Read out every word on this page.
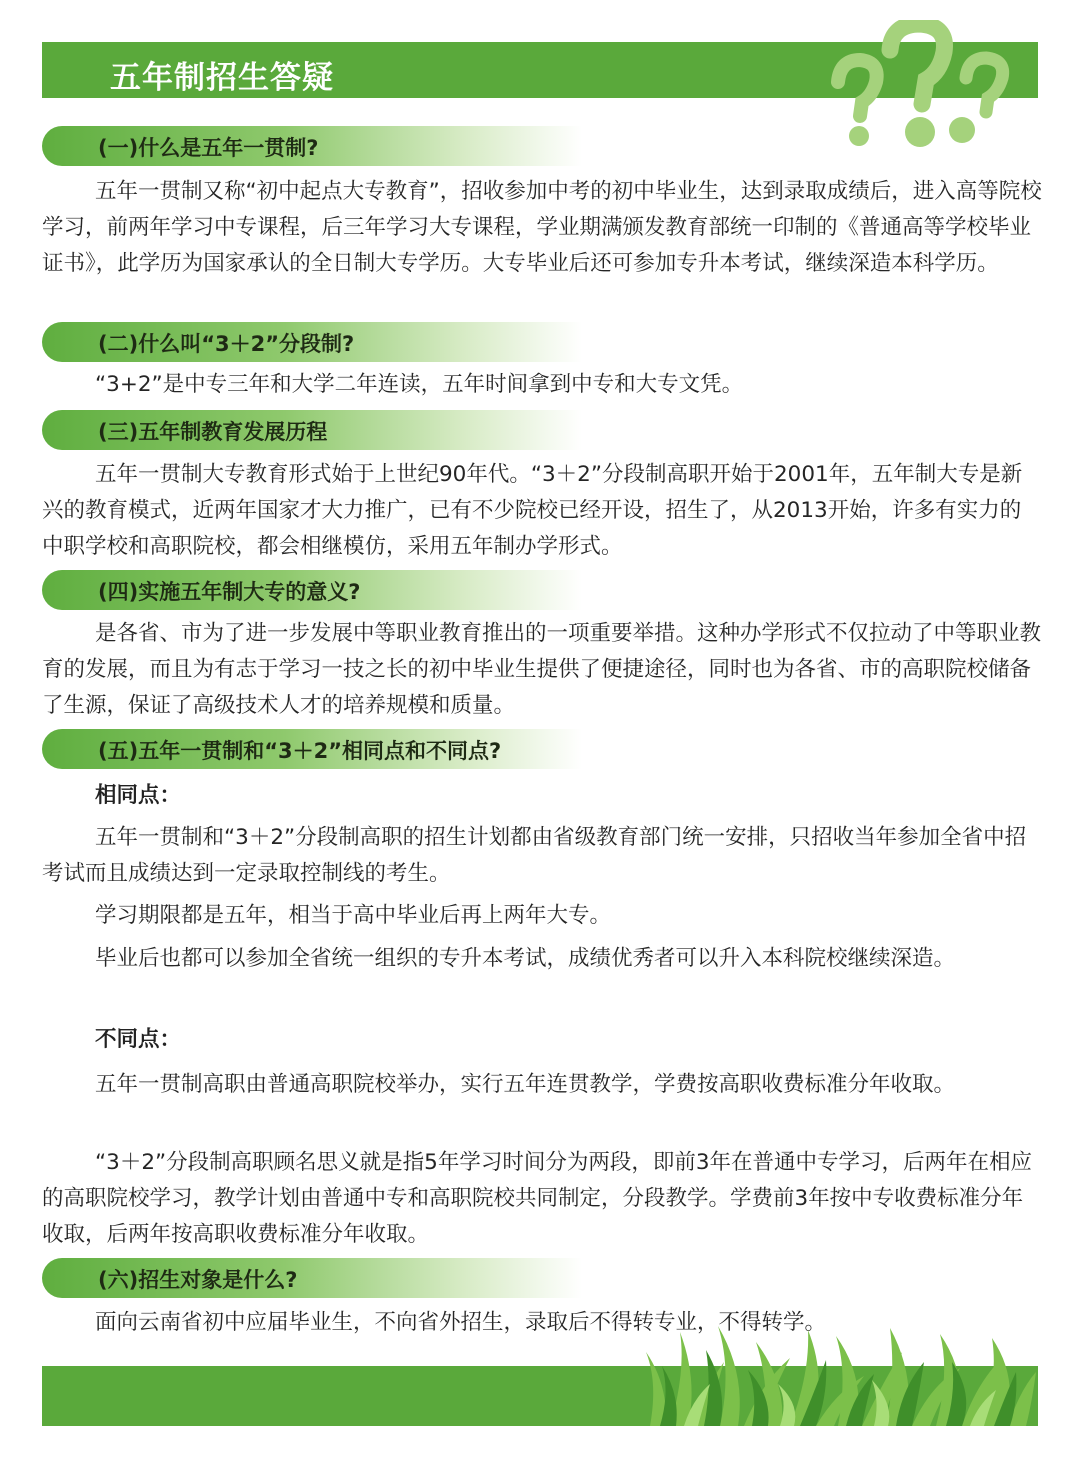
五年制招生答疑
(一)什么是五年一贯制?
五年一贯制又称“初中起点大专教育”，招收参加中考的初中毕业生，达到录取成绩后，进入高等院校学习，前两年学习中专课程，后三年学习大专课程，学业期满颁发教育部统一印制的《普通高等学校毕业证书》，此学历为国家承认的全日制大专学历。大专毕业后还可参加专升本考试，继续深造本科学历。
(二)什么叫“3＋2”分段制?
“3+2”是中专三年和大学二年连读，五年时间拿到中专和大专文凭。
(三)五年制教育发展历程
五年一贯制大专教育形式始于上世纪90年代。“3＋2”分段制高职开始于2001年，五年制大专是新兴的教育模式，近两年国家才大力推广，已有不少院校已经开设，招生了，从2013开始，许多有实力的中职学校和高职院校，都会相继模仿，采用五年制办学形式。
(四)实施五年制大专的意义?
是各省、市为了进一步发展中等职业教育推出的一项重要举措。这种办学形式不仅拉动了中等职业教育的发展，而且为有志于学习一技之长的初中毕业生提供了便捷途径，同时也为各省、市的高职院校储备了生源，保证了高级技术人才的培养规模和质量。
(五)五年一贯制和“3＋2”相同点和不同点?
相同点：
五年一贯制和“3＋2”分段制高职的招生计划都由省级教育部门统一安排，只招收当年参加全省中招考试而且成绩达到一定录取控制线的考生。
学习期限都是五年，相当于高中毕业后再上两年大专。
毕业后也都可以参加全省统一组织的专升本考试，成绩优秀者可以升入本科院校继续深造。
不同点：
五年一贯制高职由普通高职院校举办，实行五年连贯教学，学费按高职收费标准分年收取。
“3＋2”分段制高职顾名思义就是指5年学习时间分为两段，即前3年在普通中专学习，后两年在相应的高职院校学习，教学计划由普通中专和高职院校共同制定，分段教学。学费前3年按中专收费标准分年收取，后两年按高职收费标准分年收取。
(六)招生对象是什么?
面向云南省初中应届毕业生，不向省外招生，录取后不得转专业，不得转学。
